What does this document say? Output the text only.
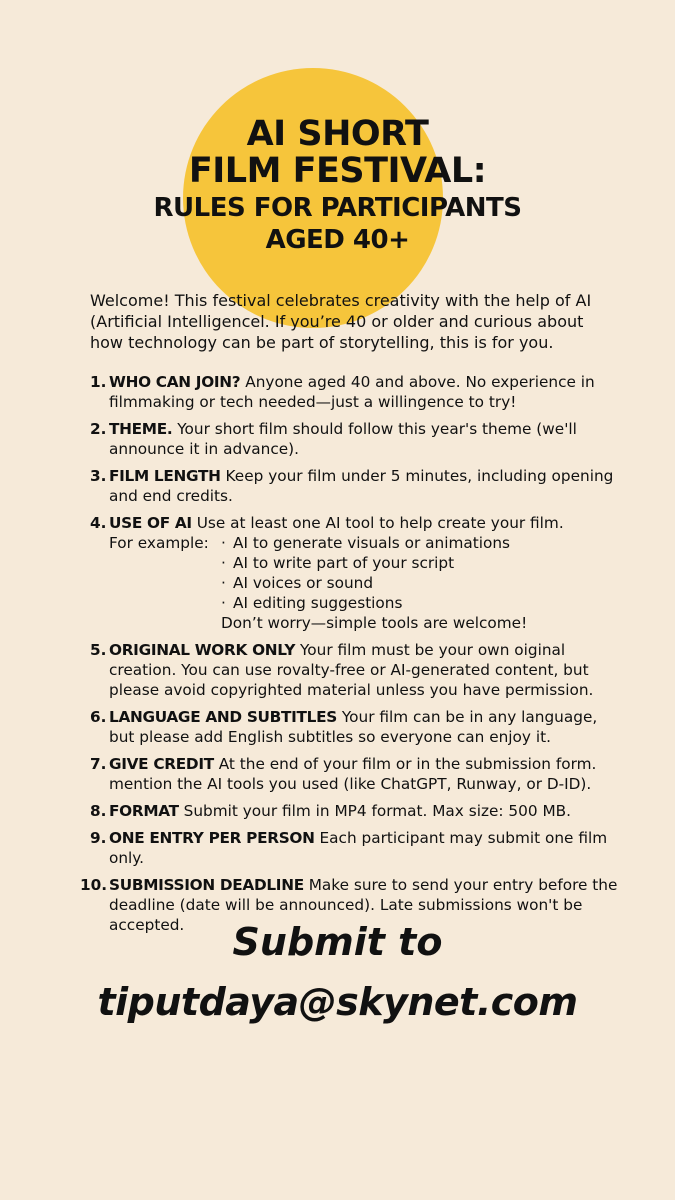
AI SHORT
FILM FESTIVAL:
RULES FOR PARTICIPANTS
AGED 40+

Welcome! This festival celebrates creativity with the help of AI (Artificial Intelligencel. If you’re 40 or older and curious about how technology can be part of storytelling, this is for you.

1. WHO CAN JOIN? Anyone aged 40 and above. No experience in filmmaking or tech needed—just a willingence to try!
2. THEME. Your short film should follow this year's theme (we'll announce it in advance).
3. FILM LENGTH Keep your film under 5 minutes, including opening and end credits.
4. USE OF AI Use at least one AI tool to help create your film.
For example:
·	AI to generate visuals or animations
· AI to write part of your script
· AI voices or sound
· AI editing suggestions
Don’t worry—simple tools are welcome!
5. ORIGINAL WORK ONLY Your film must be your own oiginal creation. You can use rovalty-free or AI-generated content, but please avoid copyrighted material unless you have permission.
6. LANGUAGE AND SUBTITLES Your film can be in any language, but please add English subtitles so everyone can enjoy it.
7. GIVE CREDIT At the end of your film or in the submission form. mention the AI tools you used (like ChatGPT, Runway, or D-ID).
8. FORMAT Submit your film in MP4 format. Max size: 500 MB.
9. ONE ENTRY PER PERSON Each participant may submit one film only.
10. SUBMISSION DEADLINE Make sure to send your entry before the deadline (date will be announced). Late submissions won't be accepted.	Submit to
tiputdaya@skynet.com
